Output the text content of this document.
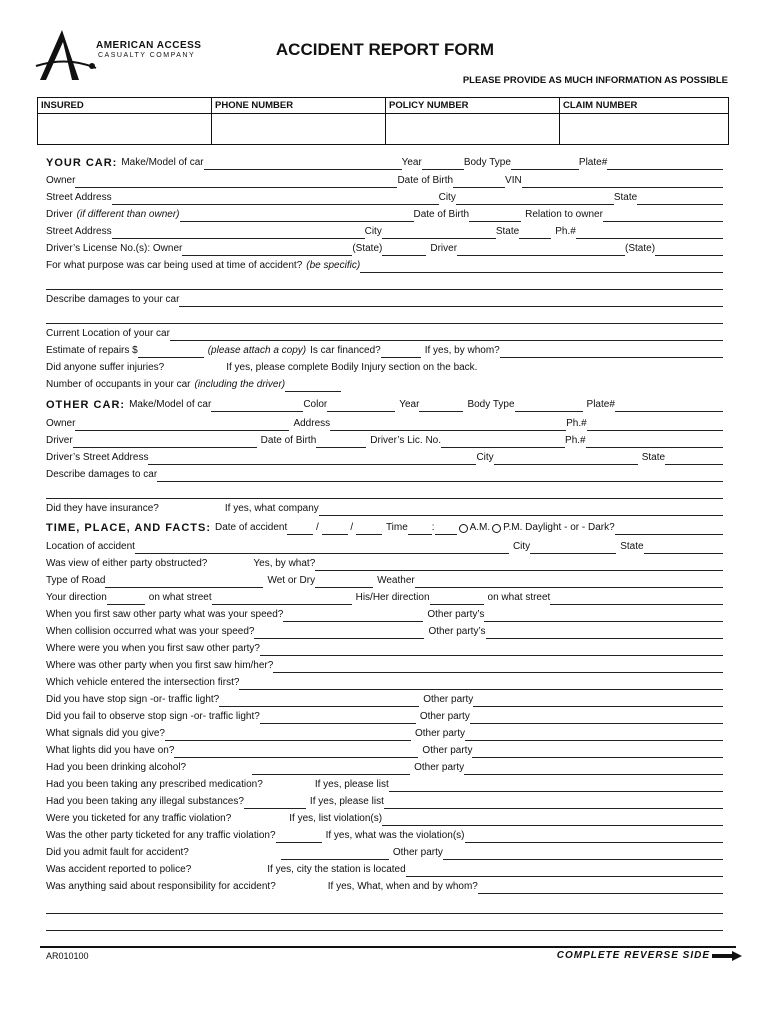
AMERICAN ACCESS
CASUALTY COMPANY	ACCIDENT REPORT FORM
PLEASE PROVIDE AS MUCH INFORMATION AS POSSIBLE
INSURED	PHONE NUMBER	POLICY NUMBER	CLAIM NUMBER
YOUR CAR: Make/Model of car	Year	Body Type	Plate#
Owner	Date of Birth	VIN
Street Address	City	State
Driver (if different than owner)	Date of Birth	Relation to owner
Street Address	City	State	Ph.#
Driver’s License No.(s): Owner	(State)	Driver	(State)
For what purpose was car being used at time of accident? (be specific)
Describe damages to your car
Current Location of your car
Estimate of repairs $	(please attach a copy) Is car financed?	If yes, by whom?
Did anyone suffer injuries?	If yes, please complete Bodily Injury section on the back.
Number of occupants in your car (including the driver)
OTHER CAR: Make/Model of car	Color	Year	Body Type	Plate#
Owner	Address	Ph.#
Driver	Date of Birth	Driver’s Lic. No.	Ph.#
Driver’s Street Address	City	State
Describe damages to car
Did they have insurance?	If yes, what company
TIME, PLACE, AND FACTS: Date of accident	/	/	Time :	A.M. P.M. Daylight - or - Dark?
Location of accident	City	State
Was view of either party obstructed?	Yes, by what?
Type of Road	Wet or Dry	Weather
Your direction	on what street	His/Her direction	on what street
When you first saw other party what was your speed?	Other party’s
When collision occurred what was your speed?	Other party’s
Where were you when you first saw other party?
Where was other party when you first saw him/her?
Which vehicle entered the intersection first?
Did you have stop sign -or- traffic light?	Other party
Did you fail to observe stop sign -or- traffic light?	Other party
What signals did you give?	Other party
What lights did you have on?	Other party
Had you been drinking alcohol?	Other party
Had you been taking any prescribed medication?	If yes, please list
Had you been taking any illegal substances?	If yes, please list
Were you ticketed for any traffic violation?	If yes, list violation(s)
Was the other party ticketed for any traffic violation?	If yes, what was the violation(s)
Did you admit fault for accident?	Other party
Was accident reported to police?	If yes, city the station is located
Was anything said about responsibility for accident?	If yes, What, when and by whom?
AR010100	COMPLETE REVERSE SIDE
